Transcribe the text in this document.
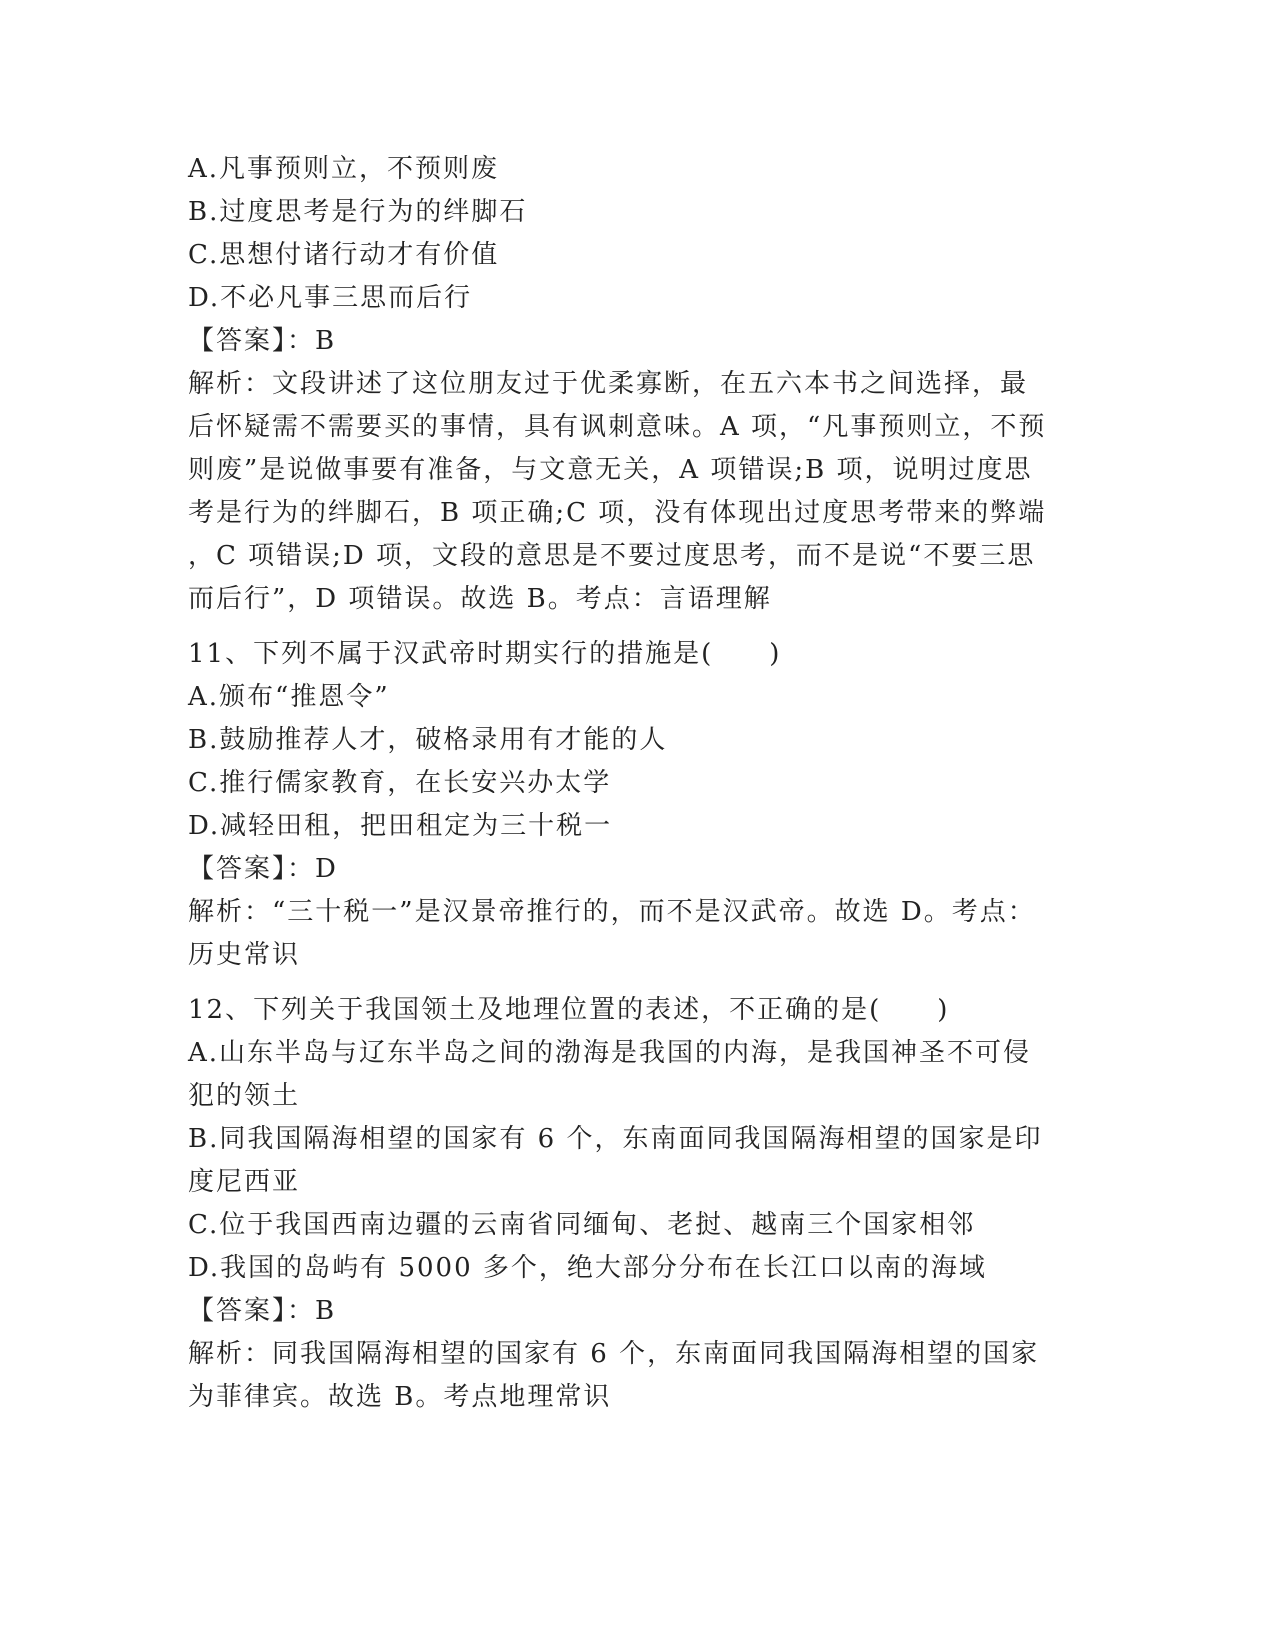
A.凡事预则立，不预则废
B.过度思考是行为的绊脚石
C.思想付诸行动才有价值
D.不必凡事三思而后行
【答案】：B
解析：文段讲述了这位朋友过于优柔寡断，在五六本书之间选择，最
后怀疑需不需要买的事情，具有讽刺意味。A 项，“凡事预则立，不预
则废”是说做事要有准备，与文意无关，A 项错误;B 项，说明过度思
考是行为的绊脚石，B 项正确;C 项，没有体现出过度思考带来的弊端
，C 项错误;D 项，文段的意思是不要过度思考，而不是说“不要三思
而后行”，D 项错误。故选 B。考点：言语理解
11、下列不属于汉武帝时期实行的措施是(　　)
A.颁布“推恩令”
B.鼓励推荐人才，破格录用有才能的人
C.推行儒家教育，在长安兴办太学
D.减轻田租，把田租定为三十税一
【答案】：D
解析：“三十税一”是汉景帝推行的，而不是汉武帝。故选 D。考点：
历史常识
12、下列关于我国领土及地理位置的表述，不正确的是(　　)
A.山东半岛与辽东半岛之间的渤海是我国的内海，是我国神圣不可侵
犯的领土
B.同我国隔海相望的国家有 6 个，东南面同我国隔海相望的国家是印
度尼西亚
C.位于我国西南边疆的云南省同缅甸、老挝、越南三个国家相邻
D.我国的岛屿有 5000 多个，绝大部分分布在长江口以南的海域
【答案】：B
解析：同我国隔海相望的国家有 6 个，东南面同我国隔海相望的国家
为菲律宾。故选 B。考点地理常识
